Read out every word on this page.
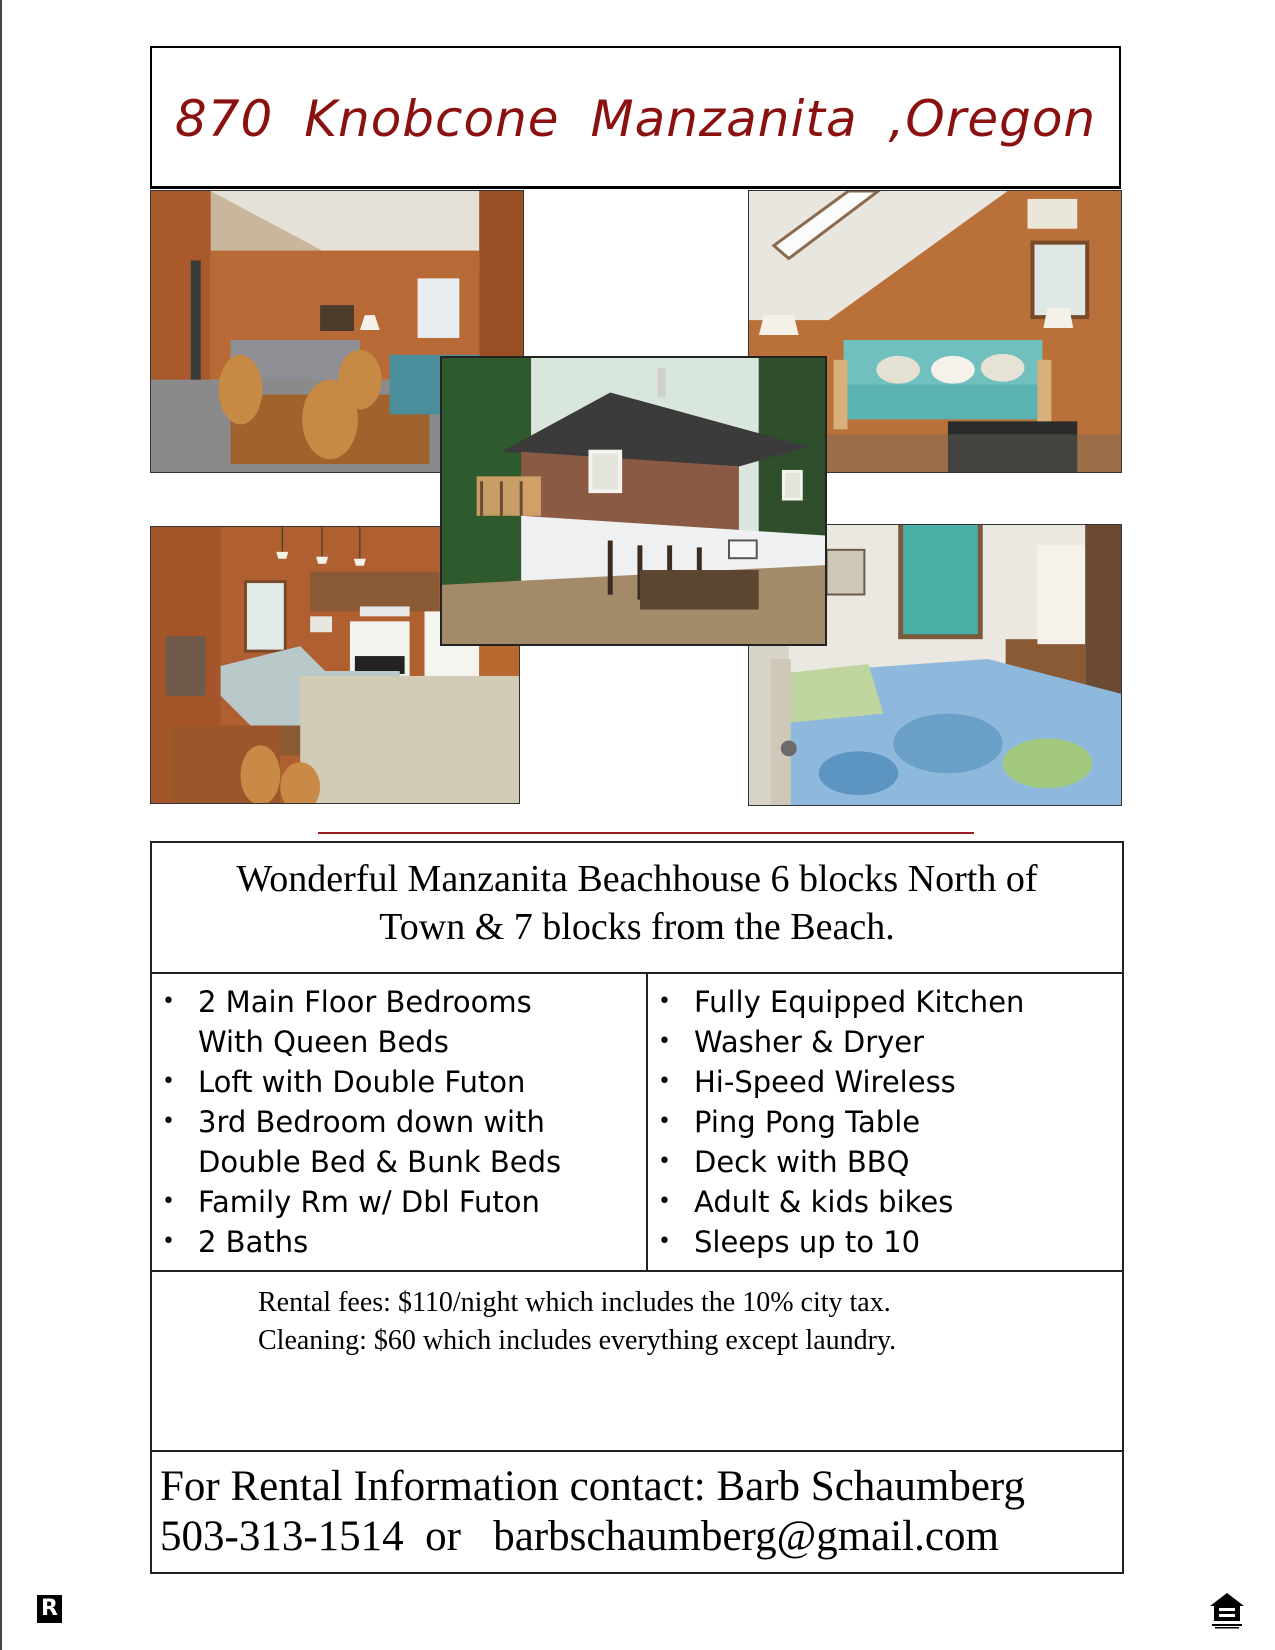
870 Knobcone Manzanita ,Oregon
Wonderful Manzanita Beachhouse 6 blocks North of
Town & 7 blocks from the Beach.
• 2 Main Floor Bedrooms
With Queen Beds
• Loft with Double Futon
• 3rd Bedroom down with
Double Bed & Bunk Beds
• Family Rm w/ Dbl Futon
• 2 Baths
• Fully Equipped Kitchen
• Washer & Dryer
• Hi-Speed Wireless
• Ping Pong Table
• Deck with BBQ
• Adult & kids bikes
• Sleeps up to 10
Rental fees: $110/night which includes the 10% city tax.
Cleaning: $60 which includes everything except laundry.
For Rental Information contact: Barb Schaumberg
503-313-1514  or   barbschaumberg@gmail.com
R
